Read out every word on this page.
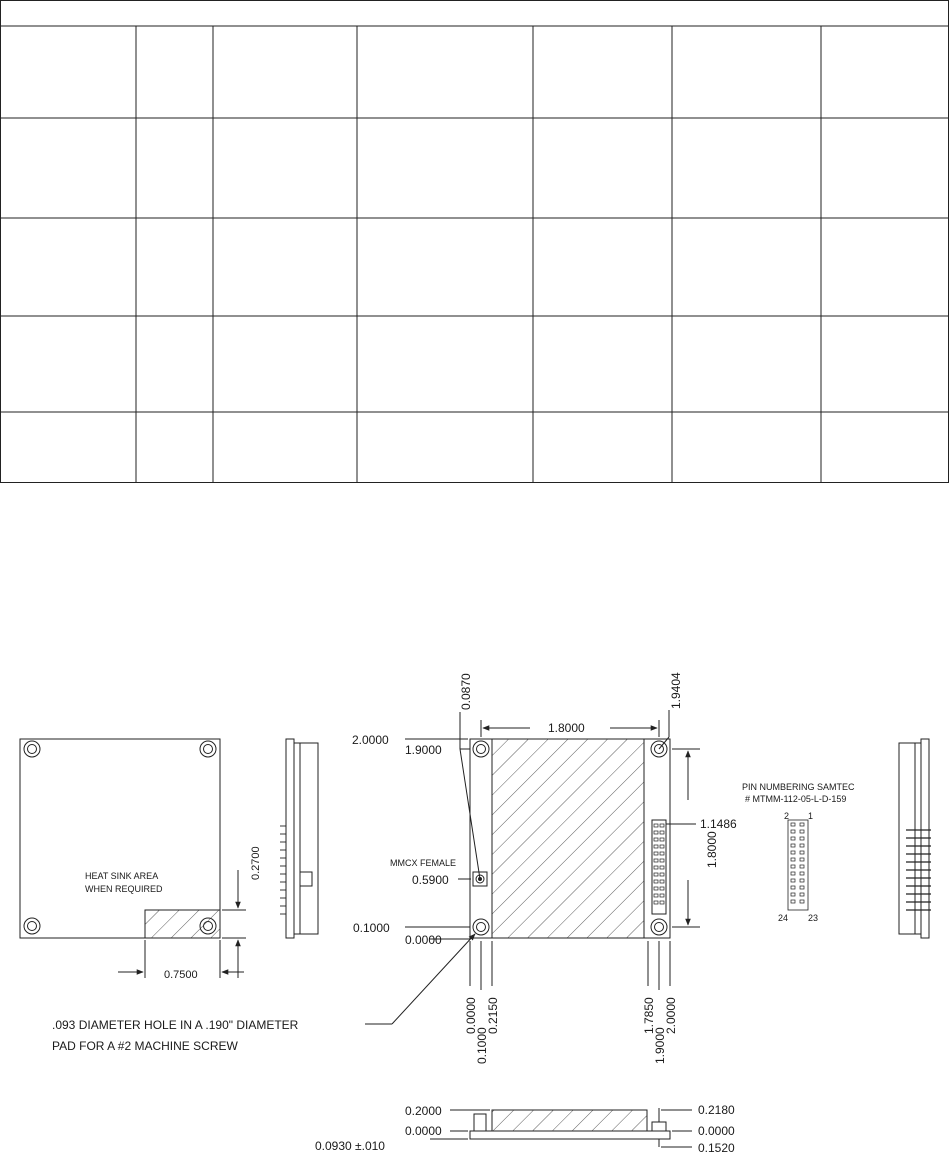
HEAT SINK AREA
WHEN REQUIRED
0.2700
0.7500
2.0000
1.9000
0.0870
1.8000
1.9404
1.1486
1.8000
MMCX FEMALE
0.5900
0.1000
0.0000
0.0000 0.2150
0.1000
1.7850 2.0000
1.9000
.093 DIAMETER HOLE IN A .190" DIAMETER
PAD FOR A #2 MACHINE SCREW
PIN NUMBERING SAMTEC
# MTMM-112-05-L-D-159
2 1
24 23
0.2000
0.0000
0.0930 ±.010
0.2180
0.0000
0.1520
